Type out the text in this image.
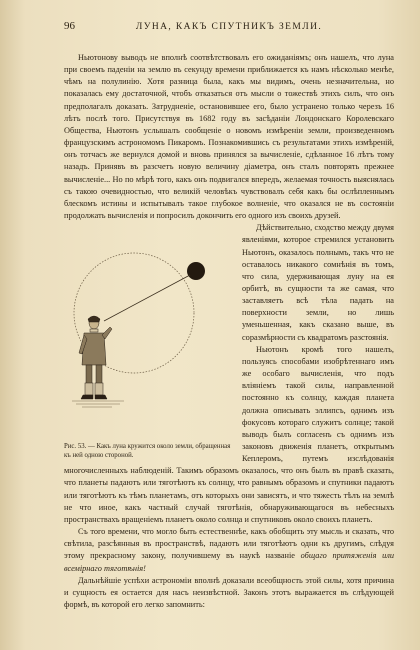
96	ЛУНА, КАКЪ СПУТНИКЪ ЗЕМЛИ.

Ньютонову выводъ не вполнѣ соотвѣтствовалъ его ожиданіямъ; онъ нашелъ, что луна при своемъ паденіи на землю въ секунду времени приближается къ намъ нѣсколько менѣе, чѣмъ на полулинію. Хотя разница была, какъ мы видимъ, очень незначительна, но показалась ему достаточной, чтобъ отказаться отъ мысли о тожествѣ этихъ силъ, что онъ предполагалъ доказать. Затрудненіе, остановившее его, было устранено только черезъ 16 лѣтъ послѣ того. Присутствуя въ 1682 году въ засѣданіи Лондонскаго Королевскаго Общества, Ньютонъ услышалъ сообщеніе о новомъ измѣреніи земли, произведенномъ французскимъ астрономомъ Пикаромъ. Познакомившись съ результатами этихъ измѣреній, онъ тотчасъ же вернулся домой и вновь принялся за вычисленіе, сдѣланное 16 лѣтъ тому назадъ. Принявъ въ разсчетъ новую величину діаметра, онъ сталъ повторять прежнее вычисленіе... Но по мѣрѣ того, какъ онъ подвигался впередъ, желаемая точность выяснялась съ такою очевидностью, что великій человѣкъ чувствовалъ себя какъ бы ослѣпленнымъ блескомъ истины и испытывалъ такое глубокое волненіе, что оказался не въ состояніи продолжать вычисленія и попросилъ докончить его одного изъ своихъ друзей.

Рис. 53. — Какъ луна кружится около земли, обращенная къ ней одною стороной.

Дѣйствительно, сходство между двумя явленіями, которое стремился установить Ньютонъ, оказалось полнымъ, такъ что не оставалось никакого сомнѣнія въ томъ, что сила, удерживающая луну на ея орбитѣ, въ сущности та же самая, что заставляетъ всѣ тѣла падать на поверхности земли, но лишь уменьшенная, какъ сказано выше, въ соразмѣрности съ квадратомъ разстоянія.

Ньютонъ кромѣ того нашелъ, пользуясь способами изобрѣтеннаго имъ же особаго вычисленія, что подъ вліяніемъ такой силы, направленной постоянно къ солнцу, каждая планета должна описывать эллипсъ, однимъ изъ фокусовъ котораго служитъ солнце; такой выводъ былъ согласенъ съ однимъ изъ законовъ движенія планетъ, открытымъ Кеплеромъ, путемъ изслѣдованія многочисленныхъ наблюденій. Такимъ образомъ оказалось, что онъ былъ въ правѣ сказать, что планеты падаютъ или тяготѣютъ къ солнцу, что равнымъ образомъ и спутники падаютъ или тяготѣютъ къ тѣмъ планетамъ, отъ которыхъ они зависятъ, и что тяжесть тѣлъ на землѣ не что иное, какъ частный случай тяготѣнія, обнаруживающагося въ небесныхъ пространствахъ вращеніемъ планетъ около солнца и спутниковъ около своихъ планетъ.

Съ того времени, что могло быть естественнѣе, какъ обобщить эту мысль и сказать, что свѣтила, разсѣянныя въ пространствѣ, падаютъ или тяготѣютъ одни къ другимъ, слѣдуя этому прекрасному закону, получившему въ наукѣ названіе общаго притяженія или всемірнаго тяготѣнія!

Дальнѣйшіе успѣхи астрономіи вполнѣ доказали всеобщность этой силы, хотя причина и сущность ея остается для насъ неизвѣстной. Законъ этотъ выражается въ слѣдующей формѣ, въ которой его легко запомнить:
